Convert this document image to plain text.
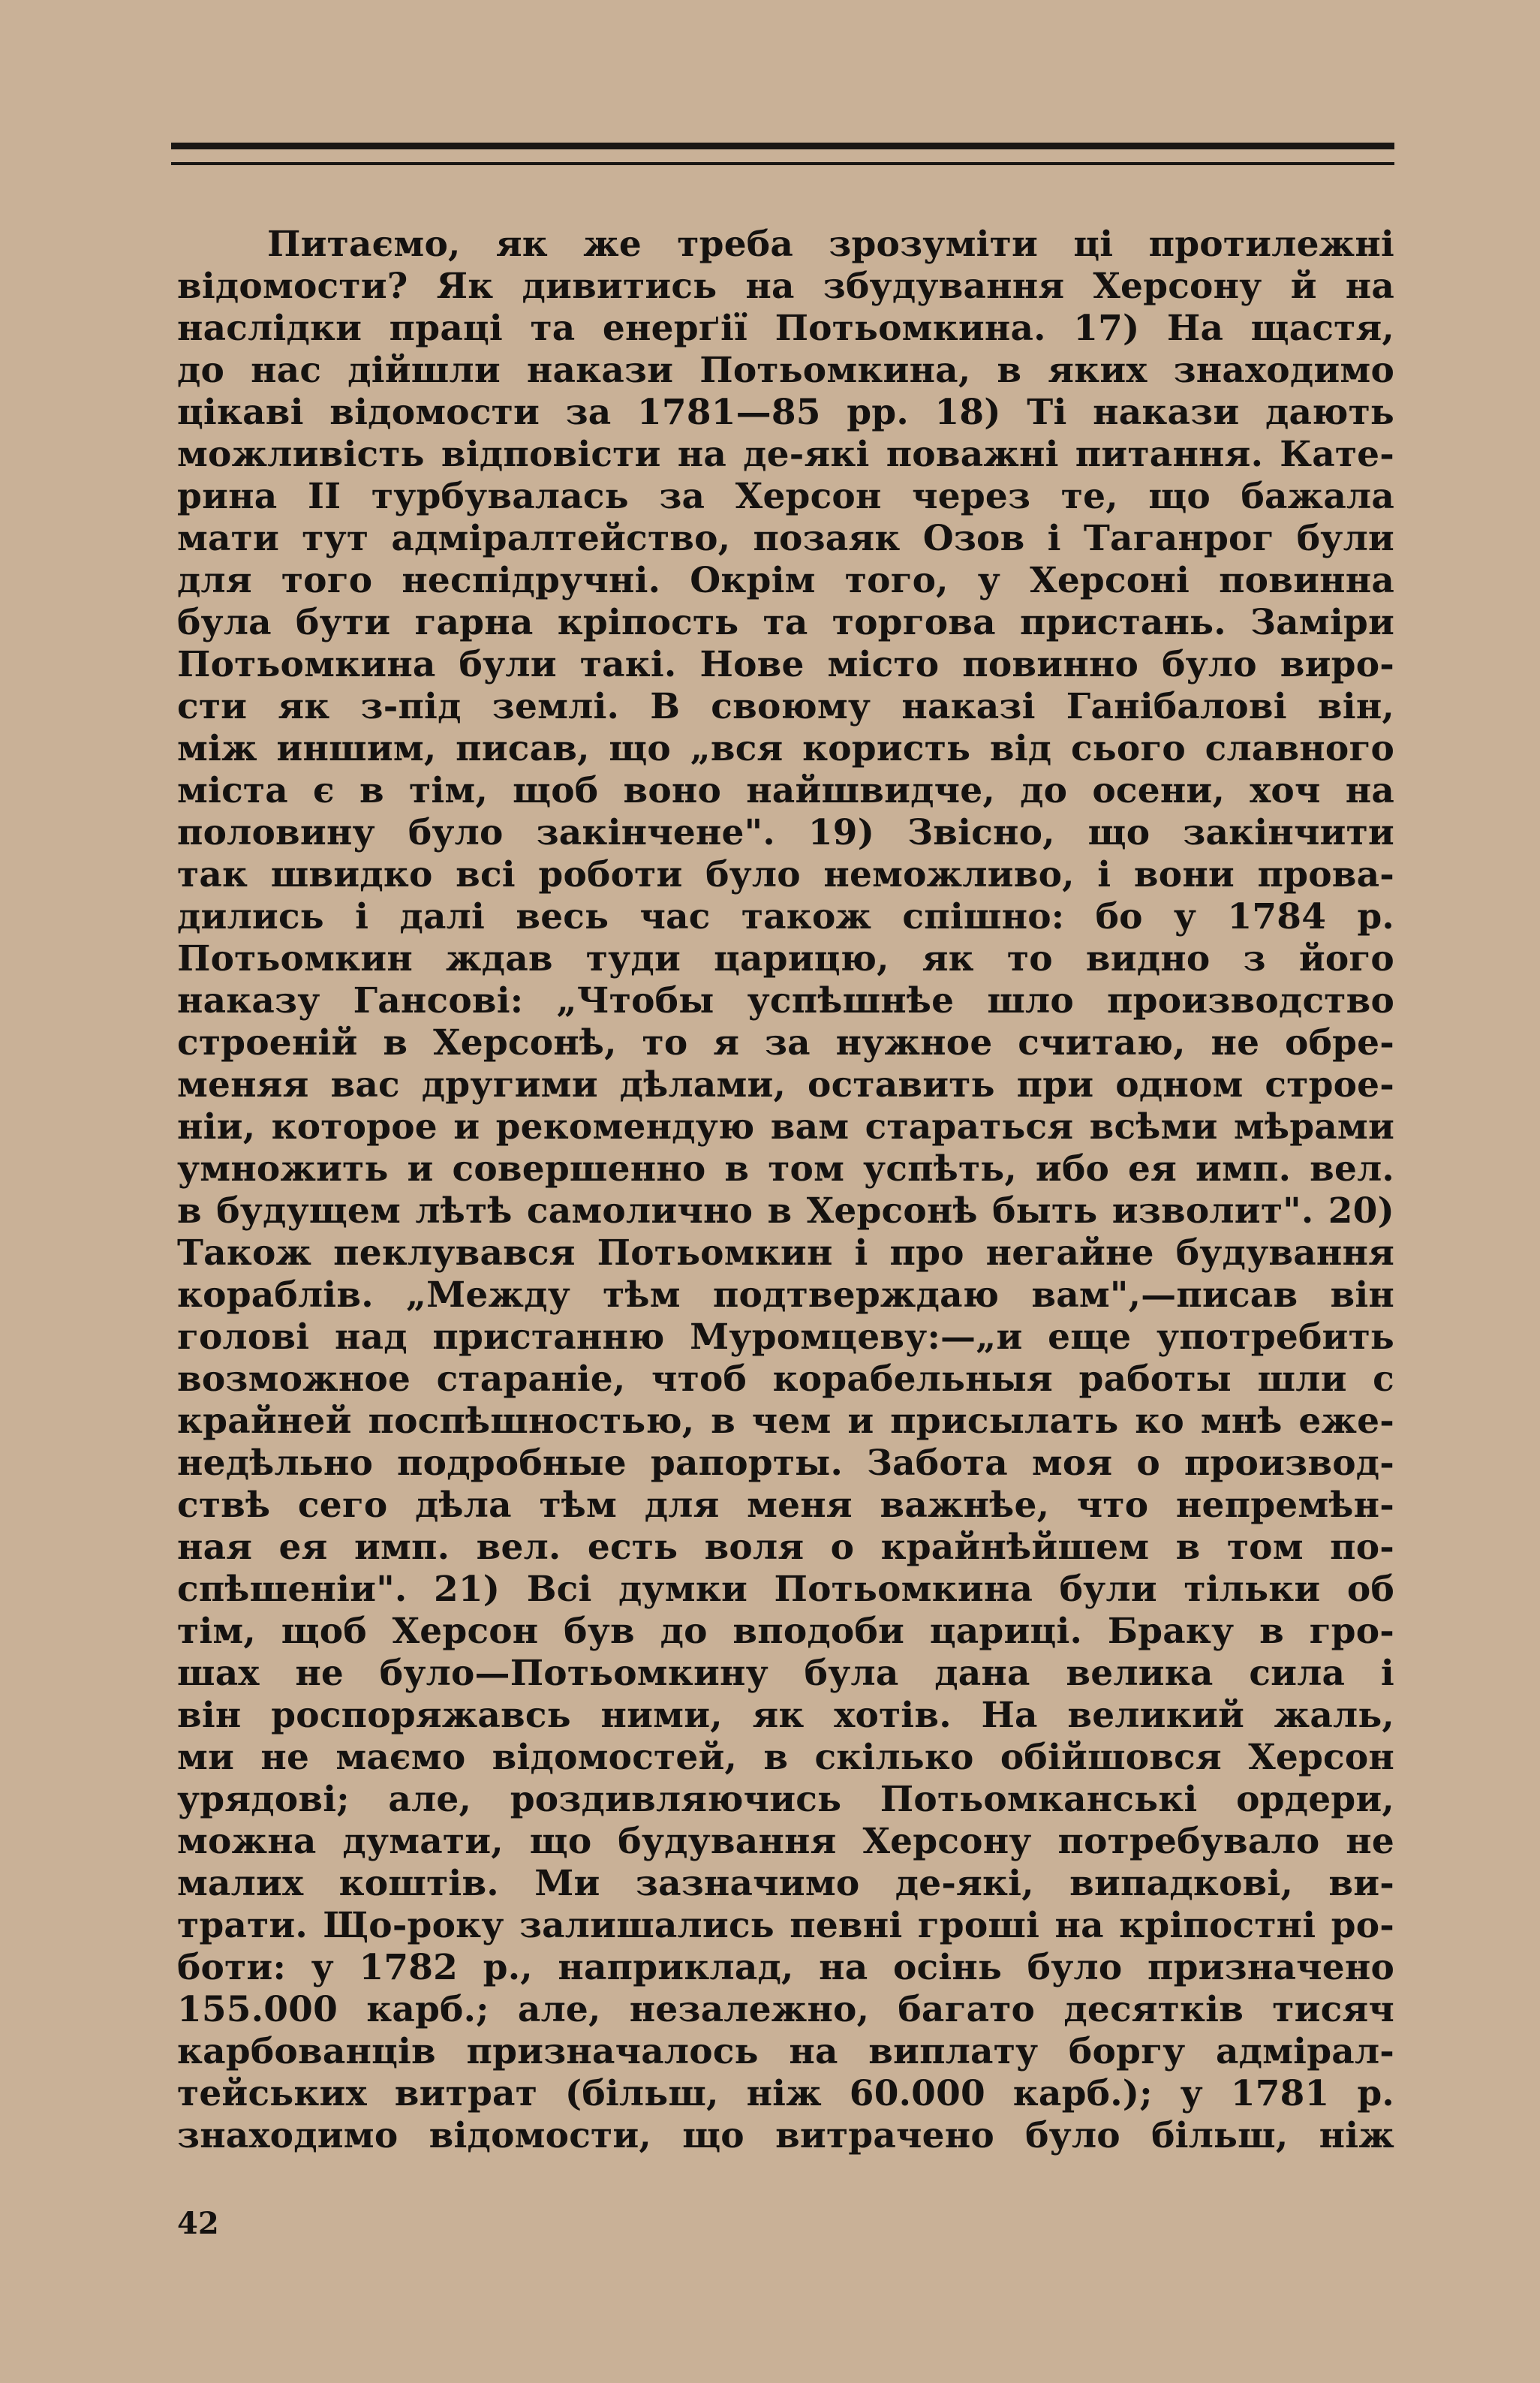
Питаємо, як же треба зрозуміти ці протилежні
відомости? Як дивитись на збудування Херсону й на
наслідки праці та енерґії Потьомкина. 17) На щастя,
до нас дійшли накази Потьомкина, в яких знаходимо
цікаві відомости за 1781—85 рр. 18) Ті накази дають
можливість відповісти на де-які поважні питання. Кате-
рина II турбувалась за Херсон через те, що бажала
мати тут адміралтейство, позаяк Озов і Таганрог були
для того неспідручні. Окрім того, у Херсоні повинна
була бути гарна кріпость та торгова пристань. Заміри
Потьомкина були такі. Нове місто повинно було виро-
сти як з-під землі. В своюму наказі Ганібалові він,
між иншим, писав, що „вся користь від сього славного
міста є в тім, щоб воно найшвидче, до осени, хоч на
половину було закінчене". 19) Звісно, що закінчити
так швидко всі роботи було неможливо, і вони прова-
дились і далі весь час також спішно: бо у 1784 р.
Потьомкин ждав туди царицю, як то видно з його
наказу Гансові: „Чтобы успѣшнѣе шло производство
строеній в Херсонѣ, то я за нужное считаю, не обре-
меняя вас другими дѣлами, оставить при одном строе-
ніи, которое и рекомендую вам стараться всѣми мѣрами
умножить и совершенно в том успѣть, ибо ея имп. вел.
в будущем лѣтѣ самолично в Херсонѣ быть изволит". 20)
Також пеклувався Потьомкин і про негайне будування
кораблів. „Между тѣм подтверждаю вам",—писав він
голові над пристанню Муромцеву:—„и еще употребить
возможное стараніе, чтоб корабельныя работы шли с
крайней поспѣшностью, в чем и присылать ко мнѣ еже-
недѣльно подробные рапорты. Забота моя о производ-
ствѣ сего дѣла тѣм для меня важнѣе, что непремѣн-
ная ея имп. вел. есть воля о крайнѣйшем в том по-
спѣшеніи". 21) Всі думки Потьомкина були тільки об
тім, щоб Херсон був до вподоби цариці. Браку в гро-
шах не було—Потьомкину була дана велика сила і
він роспоряжавсь ними, як хотів. На великий жаль,
ми не маємо відомостей, в скілько обійшовся Херсон
урядові; але, роздивляючись Потьомканські ордери,
можна думати, що будування Херсону потребувало не
малих коштів. Ми зазначимо де-які, випадкові, ви-
трати. Що-року залишались певні гроші на кріпостні ро-
боти: у 1782 р., наприклад, на осінь було призначено
155.000 карб.; але, незалежно, багато десятків тисяч
карбованців призначалось на виплату боргу адмірал-
тейських витрат (більш, ніж 60.000 карб.); у 1781 р.
знаходимо відомости, що витрачено було більш, ніж
42
